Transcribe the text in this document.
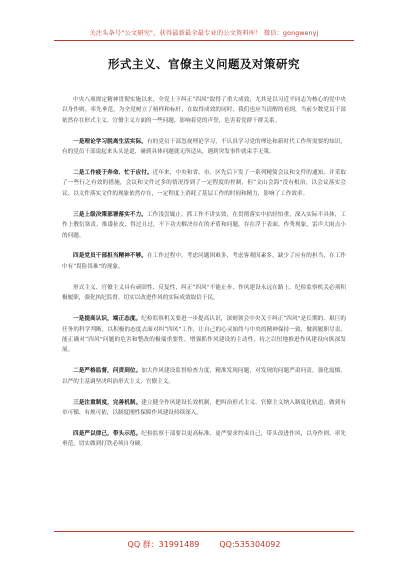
关注头条号"公文研究"，获得最新最全最专业的公文资料库！ 微信：gongwenyj
形式主义、官僚主义问题及对策研究

中央八项规定精神贯彻实施以来，全党上下纠正“四风”取得了重大成效，尤其是以习近平同志为核心的党中央以身作则、率先垂范，为全党树立了榜样和标杆，在取得成效的同时，我们也应当清醒的看到，当前少数党员干部依然存在形式主义、官僚主义方面的一些问题，影响着党的声誉，危害着党群干群关系。

一是理论学习脱离生活实际。有的党员干部忽视理论学习，不认真学习党的理论和新时代工作所需要的知识，有的党员干部说起来头头是道，碰到具体问题就无所适从，遇到突发事件就束手无策。

二是工作疲于奔命、忙于应付。近年来，中央和省、市、区先后下发了一系列精简会议和文件的通知，并采取了一些行之有效的措施，会议和文件过多的情况得到了一定程度的控制，但“文山会海”没有根治，以会议落实会议、以文件落实文件的现象依然存在，一定程度上消耗了基层工作的时间和精力，影响了工作效率。

三是上级决策部署落实不力。工作浅尝辄止，抓工作不讲实效，在贯彻落实中拈轻怕重，深入实际不具体，工作上敷衍塞责、推诿扯皮、得过且过，不下功夫解决存在的矛盾和问题，存在浮于表面、作秀现象，雷声大雨点小的问题。

四是党员干部担当精神不够。在工作过程中，考虑问题困难多，考虑客观因素多，缺少了应有的担当，在工作中有“畏险畏难”的现象。

形式主义、官僚主义具有顽固性、反复性，纠正“四风”不能止步，作风建设永远在路上。纪检监察机关必须积极履职，强化执纪监督，切实以改进作风的实际成效取信于民。

一是提高认识，端正态度。纪检监察机关要进一步提高认识，深刻领会中央关于纠正“四风”是长期的、艰巨的任务的科学判断，以积极的态度去面对纠“四风”工作，让自己的心灵始终与中央的精神保持一致，做到履职尽责、能正确对“四风”问题的危害和整改的极端重要性，增强抓作风建设的主动性，持之以恒地推进作风建设向纵深发展。

二是严格监督，问责到位。加大作风建设监督检查力度，精准发现问题，对发现的问题严肃问责，强化震慑，以严的主基调坚决纠治形式主义、官僚主义。

三是注重制度，完善机制。建立健全作风建设长效机制，把纠治形式主义、官僚主义纳入制度化轨道，做到有章可循、有规可依，以制度刚性保障作风建设持续深入。

四是严以律己，带头示范。纪检监察干部要以更高标准、更严要求约束自己，带头改进作风，以身作则、率先垂范，切实做到打铁必须自身硬。

QQ 群：31991489	QQ:535304092
